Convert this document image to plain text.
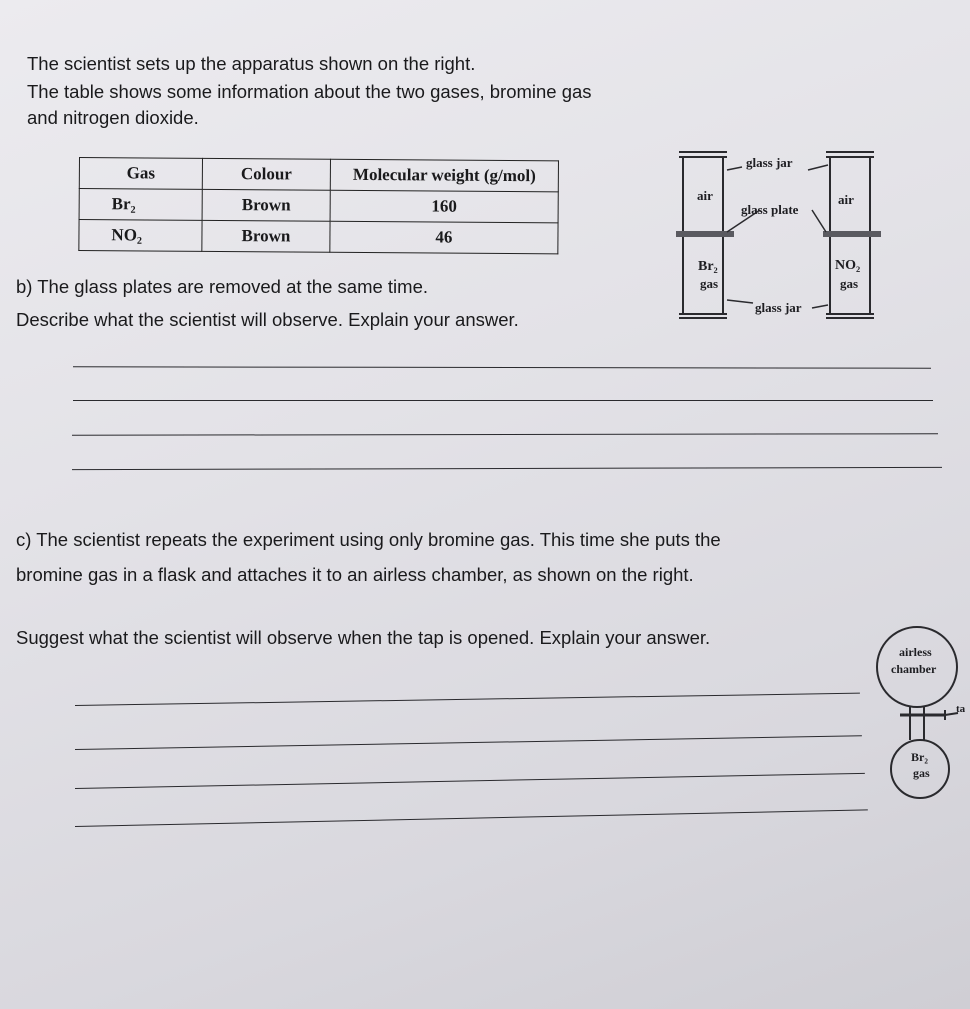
The scientist sets up the apparatus shown on the right.
The table shows some information about the two gases, bromine gas
and nitrogen dioxide.
Gas	Colour	Molecular weight (g/mol)
Br₂	Brown	160
NO₂	Brown	46
b) The glass plates are removed at the same time.
Describe what the scientist will observe. Explain your answer.
glass jar
air
glass plate
air
Br₂
gas
NO₂
gas
glass jar
c) The scientist repeats the experiment using only bromine gas. This time she puts the
bromine gas in a flask and attaches it to an airless chamber, as shown on the right.
Suggest what the scientist will observe when the tap is opened. Explain your answer.
airless
chamber
ta
Br₂
gas
